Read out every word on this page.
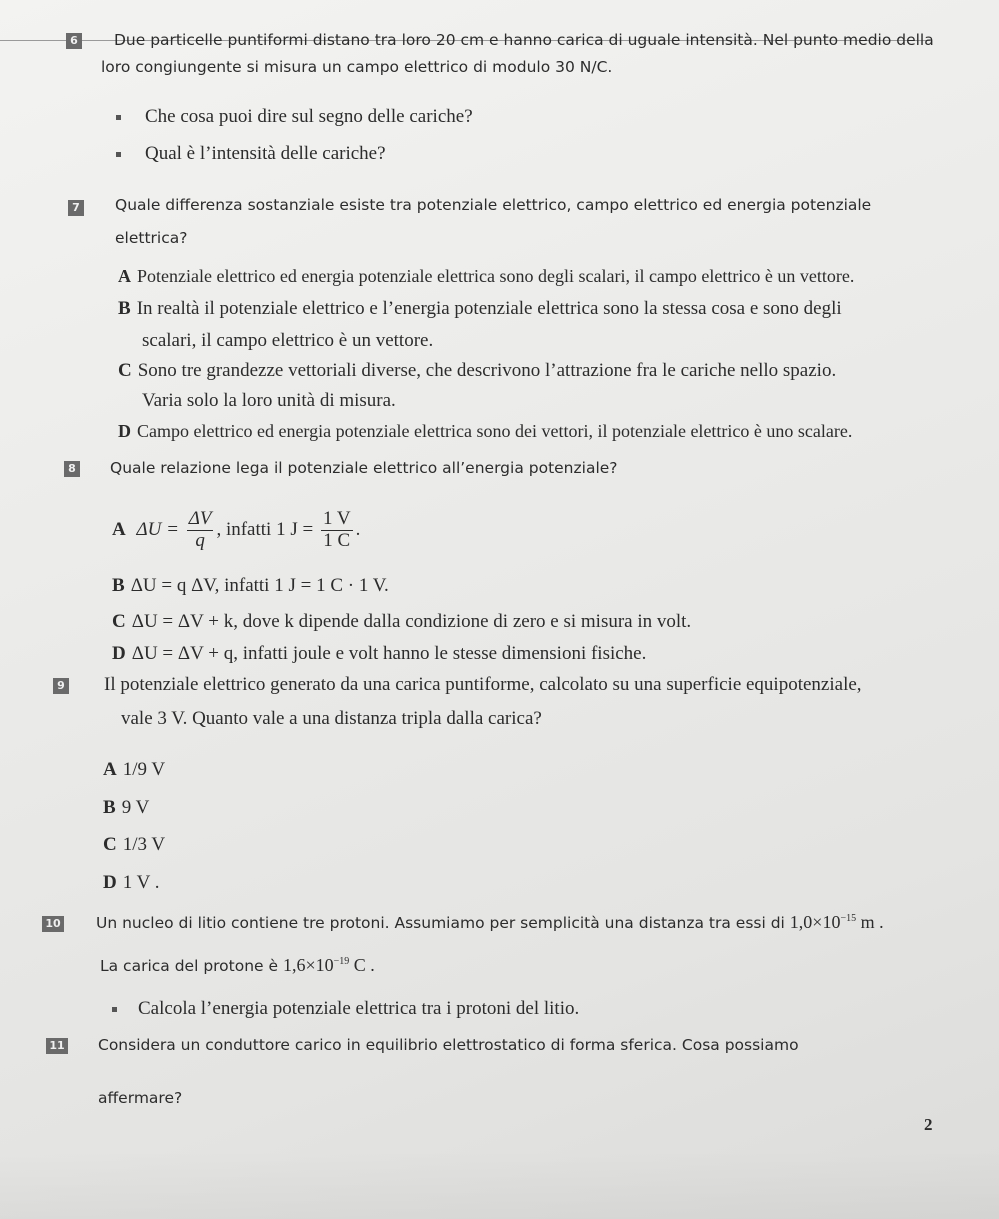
6 Due particelle puntiformi distano tra loro 20 cm e hanno carica di uguale intensità. Nel punto medio della
loro congiungente si misura un campo elettrico di modulo 30 N/C.
Che cosa puoi dire sul segno delle cariche?
Qual è l’intensità delle cariche?
7 Quale differenza sostanziale esiste tra potenziale elettrico, campo elettrico ed energia potenziale
elettrica?
A Potenziale elettrico ed energia potenziale elettrica sono degli scalari, il campo elettrico è un vettore.
B In realtà il potenziale elettrico e l’energia potenziale elettrica sono la stessa cosa e sono degli
scalari, il campo elettrico è un vettore.
C Sono tre grandezze vettoriali diverse, che descrivono l’attrazione fra le cariche nello spazio.
Varia solo la loro unità di misura.
D Campo elettrico ed energia potenziale elettrica sono dei vettori, il potenziale elettrico è uno scalare.
8 Quale relazione lega il potenziale elettrico all’energia potenziale?
A $\Delta U = \frac{\Delta V}{q}$ , infatti 1 $J = \frac{1 V}{1 C}$ .
B ΔU = q ΔV, infatti 1 J = 1 C · 1 V.
C ΔU = ΔV + k, dove k dipende dalla condizione di zero e si misura in volt.
D ΔU = ΔV + q, infatti joule e volt hanno le stesse dimensioni fisiche.
9 Il potenziale elettrico generato da una carica puntiforme, calcolato su una superficie equipotenziale,
vale 3 V. Quanto vale a una distanza tripla dalla carica?
A 1/9 V
B 9 V
C 1/3 V
D 1 V .
10 Un nucleo di litio contiene tre protoni. Assumiamo per semplicità una distanza tra essi di $1,0\times 10^{-15}$ m .
La carica del protone è $1,6\times 10^{-19}$ C .
Calcola l’energia potenziale elettrica tra i protoni del litio.
11 Considera un conduttore carico in equilibrio elettrostatico di forma sferica. Cosa possiamo
affermare?
2
